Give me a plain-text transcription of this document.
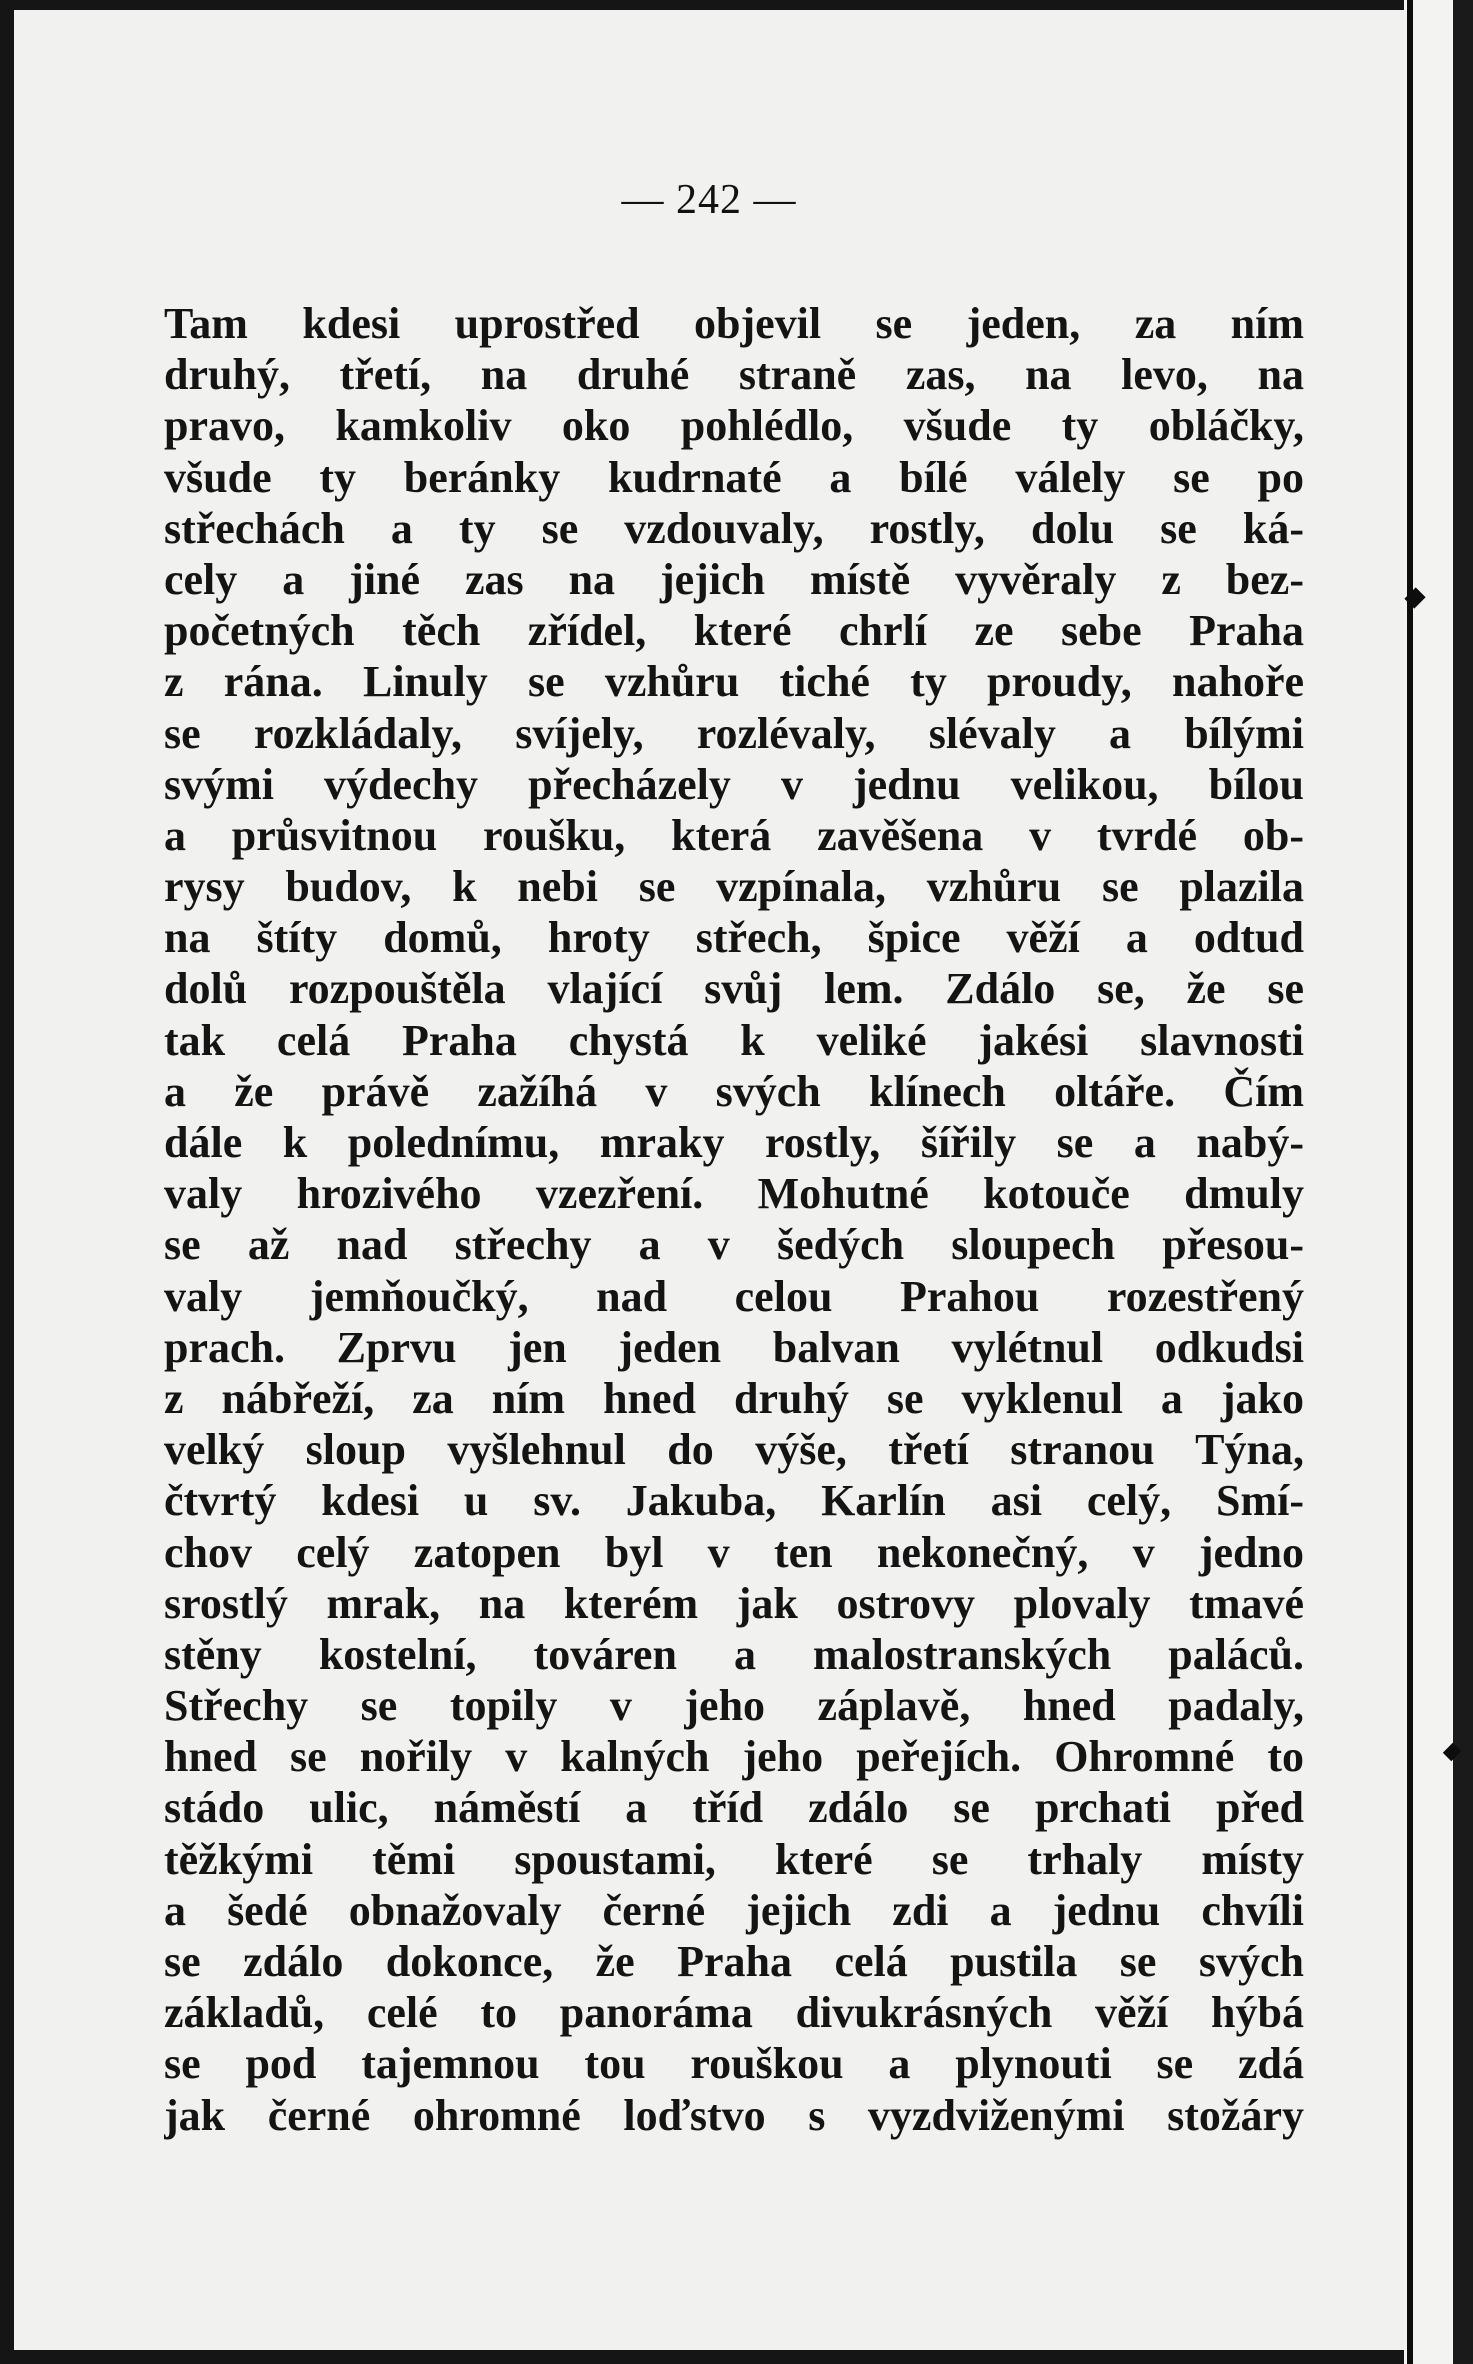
— 242 —
Tam kdesi uprostřed objevil se jeden, za ním
druhý, třetí, na druhé straně zas, na levo, na
pravo, kamkoliv oko pohlédlo, všude ty obláčky,
všude ty beránky kudrnaté a bílé válely se po
střechách a ty se vzdouvaly, rostly, dolu se ká-
cely a jiné zas na jejich místě vyvěraly z bez-
početných těch zřídel, které chrlí ze sebe Praha
z rána. Linuly se vzhůru tiché ty proudy, nahoře
se rozkládaly, svíjely, rozlévaly, slévaly a bílými
svými výdechy přecházely v jednu velikou, bílou
a průsvitnou roušku, která zavěšena v tvrdé ob-
rysy budov, k nebi se vzpínala, vzhůru se plazila
na štíty domů, hroty střech, špice věží a odtud
dolů rozpouštěla vlající svůj lem. Zdálo se, že se
tak celá Praha chystá k veliké jakési slavnosti
a že právě zažíhá v svých klínech oltáře. Čím
dále k polednímu, mraky rostly, šířily se a nabý-
valy hrozivého vzezření. Mohutné kotouče dmuly
se až nad střechy a v šedých sloupech přesou-
valy jemňoučký, nad celou Prahou rozestřený
prach. Zprvu jen jeden balvan vylétnul odkudsi
z nábřeží, za ním hned druhý se vyklenul a jako
velký sloup vyšlehnul do výše, třetí stranou Týna,
čtvrtý kdesi u sv. Jakuba, Karlín asi celý, Smí-
chov celý zatopen byl v ten nekonečný, v jedno
srostlý mrak, na kterém jak ostrovy plovaly tmavé
stěny kostelní, továren a malostranských paláců.
Střechy se topily v jeho záplavě, hned padaly,
hned se nořily v kalných jeho peřejích. Ohromné to
stádo ulic, náměstí a tříd zdálo se prchati před
těžkými těmi spoustami, které se trhaly místy
a šedé obnažovaly černé jejich zdi a jednu chvíli
se zdálo dokonce, že Praha celá pustila se svých
základů, celé to panoráma divukrásných věží hýbá
se pod tajemnou tou rouškou a plynouti se zdá
jak černé ohromné loďstvo s vyzdviženými stožáry
